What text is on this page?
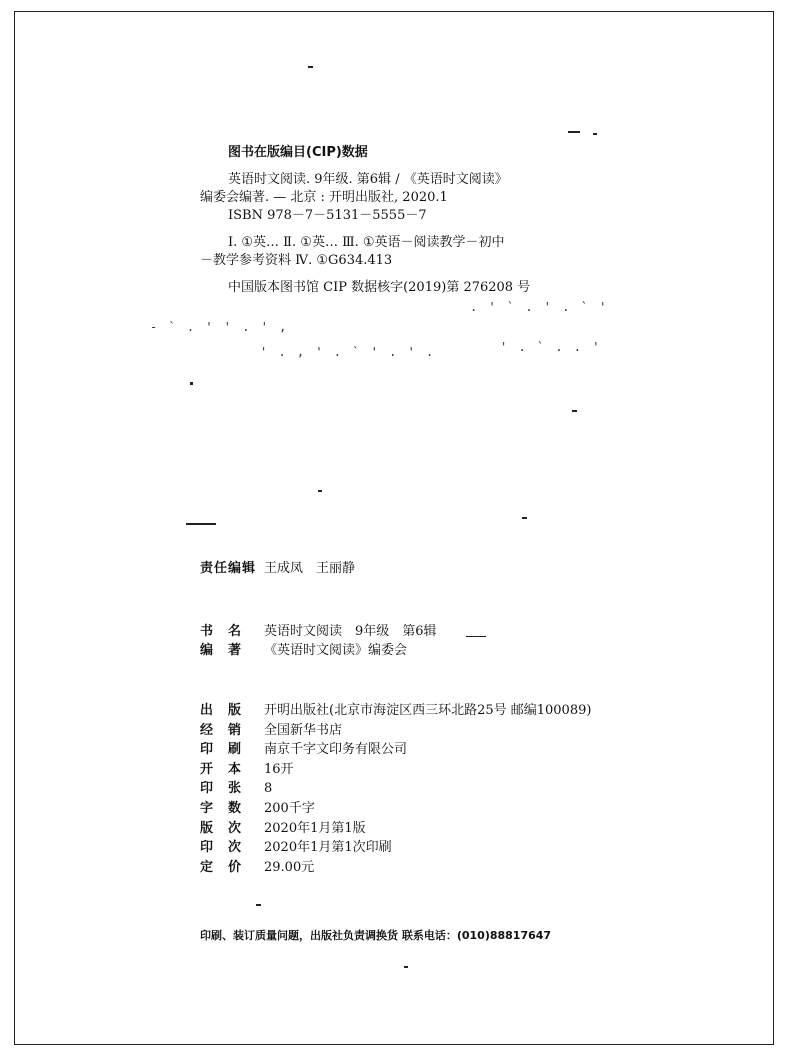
图书在版编目(CIP)数据
英语时文阅读. 9年级. 第6辑 / 《英语时文阅读》
编委会编著. — 北京 : 开明出版社, 2020.1
ISBN 978－7－5131－5555－7
Ⅰ. ①英… Ⅱ. ①英… Ⅲ. ①英语－阅读教学－初中
－教学参考资料 Ⅳ. ①G634.413
中国版本图书馆 CIP 数据核字(2019)第 276208 号
- ` . ' ' . ' ,
' . , ' . ` ' . ' .
. ' ` . ' . ` '
' . ` . . '
责任编辑 王成凤　王丽静
书　名 英语时文阅读　9年级　第6辑
编　著 《英语时文阅读》编委会
出　版 开明出版社(北京市海淀区西三环北路25号 邮编100089)
经　销 全国新华书店
印　刷 南京千字文印务有限公司
开　本 16开
印　张 8
字　数 200千字
版　次 2020年1月第1版
印　次 2020年1月第1次印刷
定　价 29.00元
印刷、装订质量问题，出版社负责调换货 联系电话：(010)88817647
